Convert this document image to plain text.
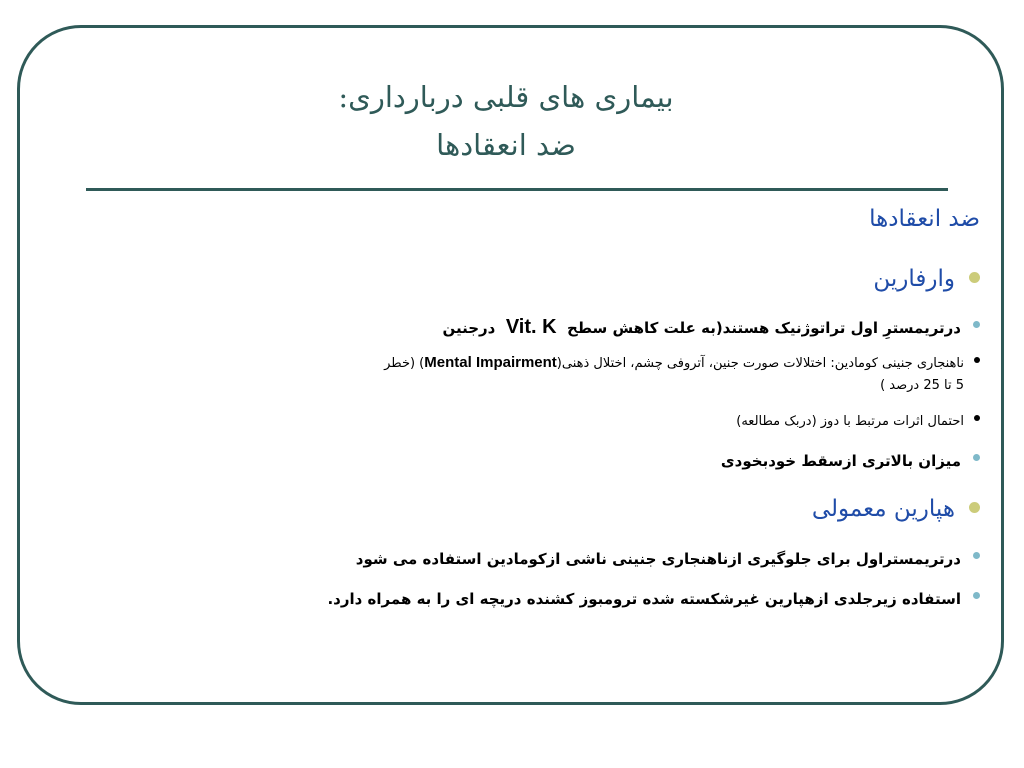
بیماری های قلبی دربارداری:
ضد انعقادها
ضد انعقادها
وارفارین
درتریمسترِ اول تراتوژنیک هستند(به علت کاهش سطح  Vit. K  درجنین
ناهنجاری جنینی کومادین: اختلالات صورت جنین، آتروفی چشم، اختلال ذهنی(Mental Impairment) (خطر
5 تا 25 درصد )
احتمال اثرات مرتبط با دوز (دربک مطالعه)
میزان بالاتری ازسقط خودبخودی
هپارین معمولی
درتریمستراول برای جلوگیری ازناهنجاری جنینی ناشی ازکومادین استفاده می شود
استفاده زیرجلدی ازهپارین غیرشکسته شده ترومبوز کشنده دریچه ای را به همراه دارد.
